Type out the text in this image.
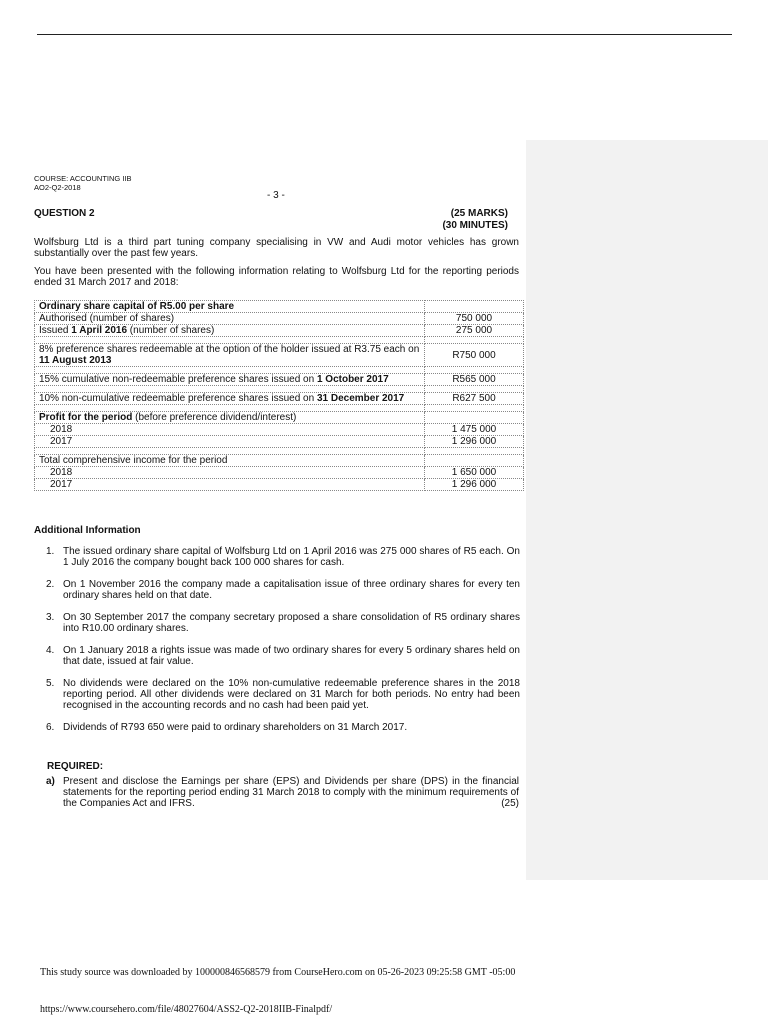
COURSE: ACCOUNTING IIB
AO2-Q2-2018
- 3 -
QUESTION 2	(25 MARKS)
(30 MINUTES)
Wolfsburg Ltd is a third part tuning company specialising in VW and Audi motor vehicles has grown substantially over the past few years.
You have been presented with the following information relating to Wolfsburg Ltd for the reporting periods ended 31 March 2017 and 2018:
Ordinary share capital of R5.00 per share	
Authorised (number of shares)	750 000
Issued 1 April 2016 (number of shares)	275 000

8% preference shares redeemable at the option of the holder issued at R3.75 each on 11 August 2013	R750 000

15% cumulative non-redeemable preference shares issued on 1 October 2017	R565 000

10% non-cumulative redeemable preference shares issued on 31 December 2017	R627 500

Profit for the period (before preference dividend/interest)	
2018	1 475 000
2017	1 296 000

Total comprehensive income for the period	
2018	1 650 000
2017	1 296 000
Additional Information
1. The issued ordinary share capital of Wolfsburg Ltd on 1 April 2016 was 275 000 shares of R5 each. On 1 July 2016 the company bought back 100 000 shares for cash.
2. On 1 November 2016 the company made a capitalisation issue of three ordinary shares for every ten ordinary shares held on that date.
3. On 30 September 2017 the company secretary proposed a share consolidation of R5 ordinary shares into R10.00 ordinary shares.
4. On 1 January 2018 a rights issue was made of two ordinary shares for every 5 ordinary shares held on that date, issued at fair value.
5. No dividends were declared on the 10% non-cumulative redeemable preference shares in the 2018 reporting period. All other dividends were declared on 31 March for both periods. No entry had been recognised in the accounting records and no cash had been paid yet.
6. Dividends of R793 650 were paid to ordinary shareholders on 31 March 2017.
REQUIRED:
a) Present and disclose the Earnings per share (EPS) and Dividends per share (DPS) in the financial statements for the reporting period ending 31 March 2018 to comply with the minimum requirements of the Companies Act and IFRS.	(25)
This study source was downloaded by 100000846568579 from CourseHero.com on 05-26-2023 09:25:58 GMT -05:00
https://www.coursehero.com/file/48027604/ASS2-Q2-2018IIB-Finalpdf/
